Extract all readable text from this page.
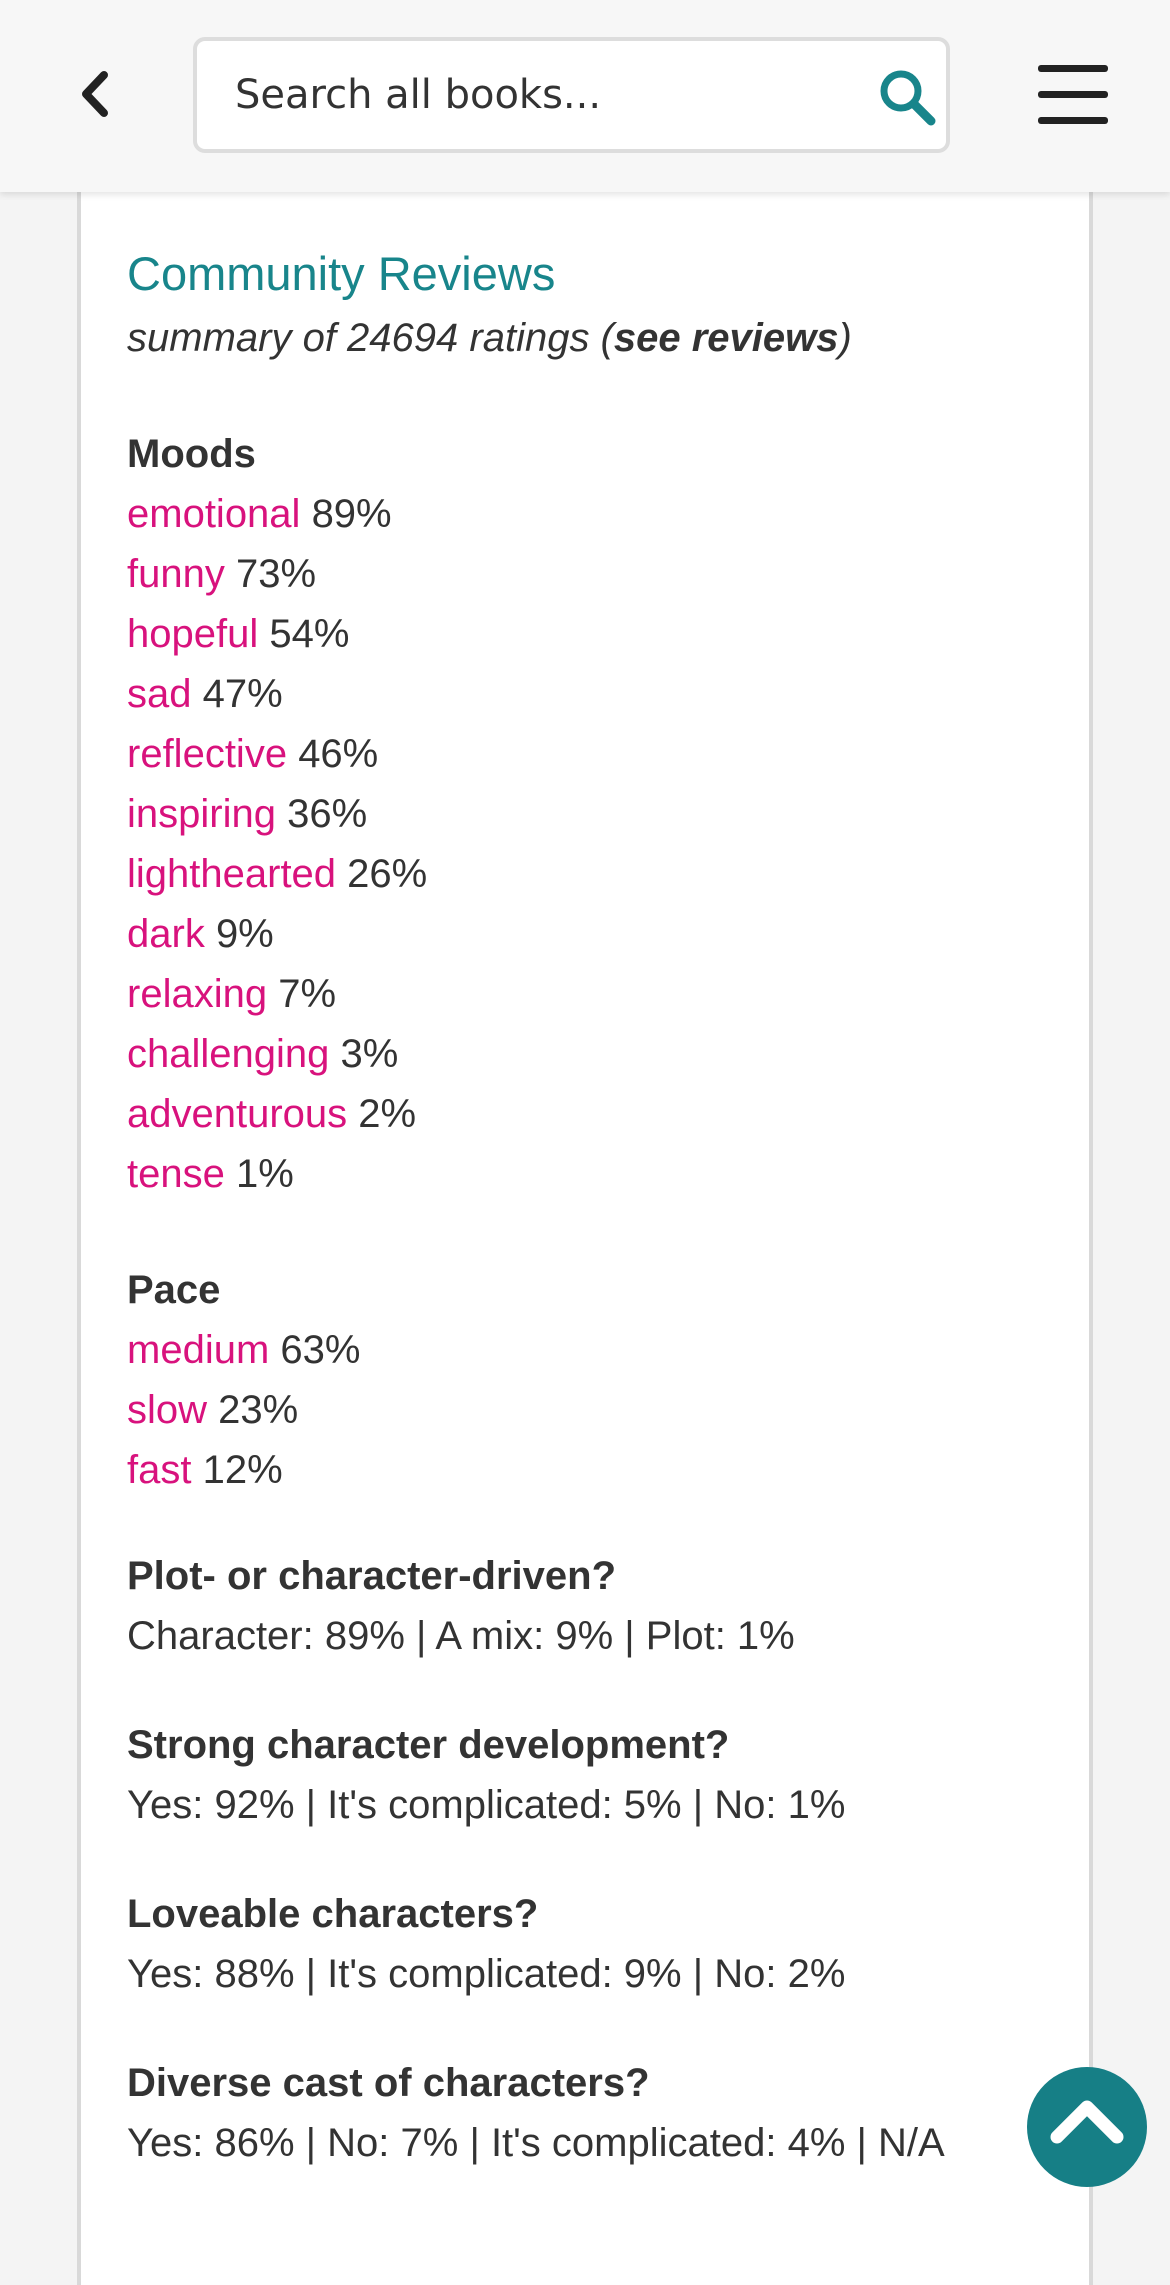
Search all books...
Community Reviews
summary of 24694 ratings (see reviews)
Moods
emotional 89%
funny 73%
hopeful 54%
sad 47%
reflective 46%
inspiring 36%
lighthearted 26%
dark 9%
relaxing 7%
challenging 3%
adventurous 2%
tense 1%
Pace
medium 63%
slow 23%
fast 12%
Plot- or character-driven?
Character: 89% | A mix: 9% | Plot: 1%
Strong character development?
Yes: 92% | It's complicated: 5% | No: 1%
Loveable characters?
Yes: 88% | It's complicated: 9% | No: 2%
Diverse cast of characters?
Yes: 86% | No: 7% | It's complicated: 4% | N/A
